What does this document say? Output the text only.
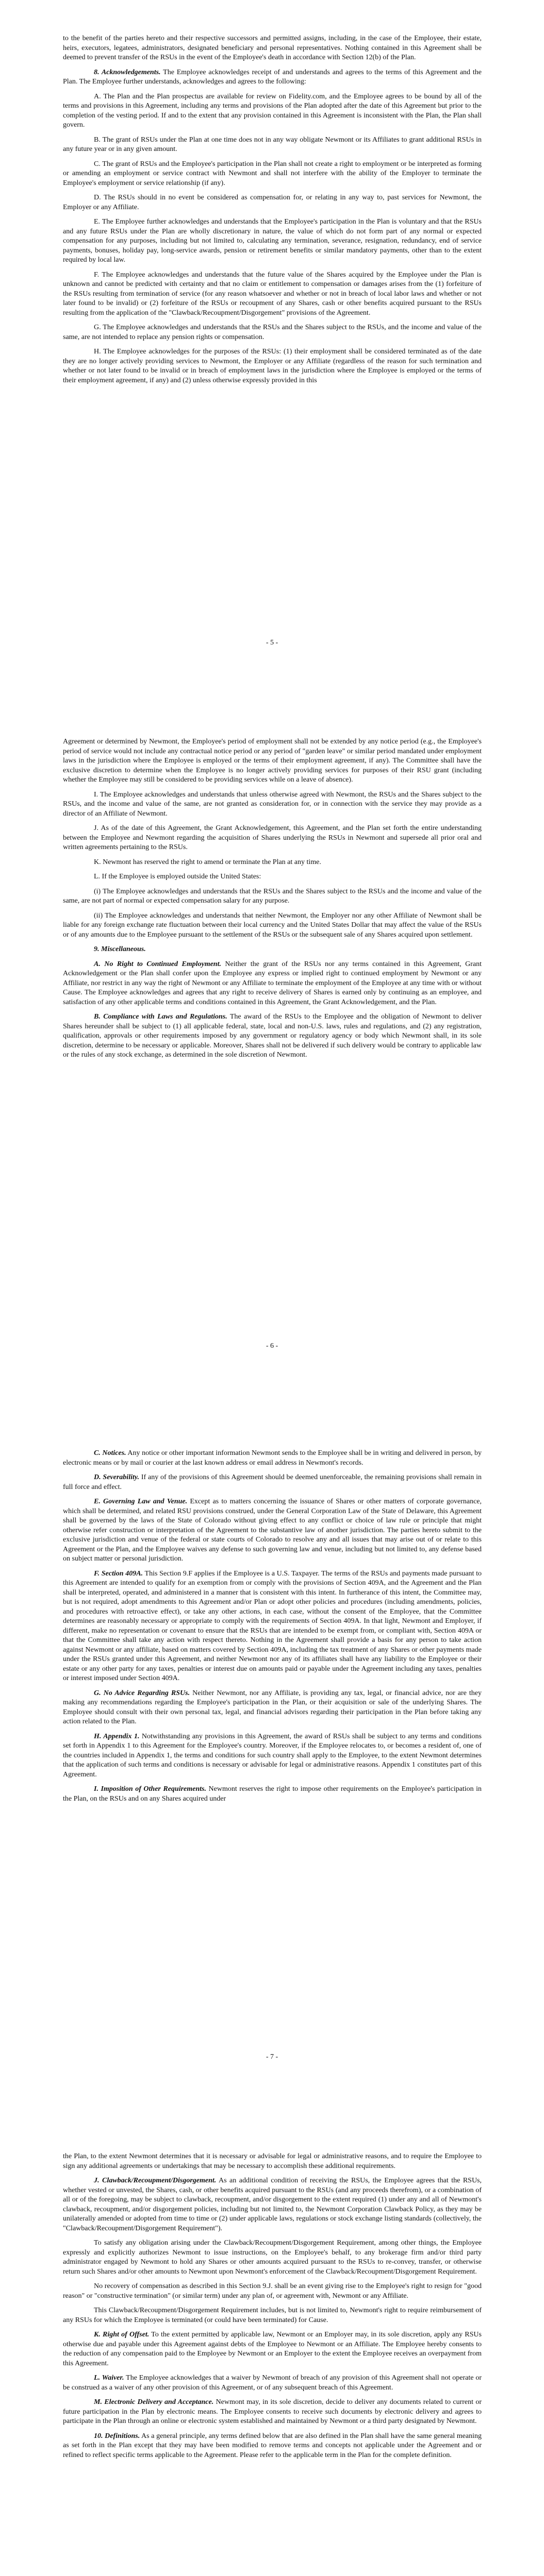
to the benefit of the parties hereto and their respective successors and permitted assigns, including, in the case of the Employee, their estate, heirs, executors, legatees, administrators, designated beneficiary and personal representatives. Nothing contained in this Agreement shall be deemed to prevent transfer of the RSUs in the event of the Employee's death in accordance with Section 12(b) of the Plan.

8. Acknowledgements. The Employee acknowledges receipt of and understands and agrees to the terms of this Agreement and the Plan. The Employee further understands, acknowledges and agrees to the following:

A. The Plan and the Plan prospectus are available for review on Fidelity.com, and the Employee agrees to be bound by all of the terms and provisions in this Agreement, including any terms and provisions of the Plan adopted after the date of this Agreement but prior to the completion of the vesting period. If and to the extent that any provision contained in this Agreement is inconsistent with the Plan, the Plan shall govern.

B. The grant of RSUs under the Plan at one time does not in any way obligate Newmont or its Affiliates to grant additional RSUs in any future year or in any given amount.

C. The grant of RSUs and the Employee's participation in the Plan shall not create a right to employment or be interpreted as forming or amending an employment or service contract with Newmont and shall not interfere with the ability of the Employer to terminate the Employee's employment or service relationship (if any).

D. The RSUs should in no event be considered as compensation for, or relating in any way to, past services for Newmont, the Employer or any Affiliate.

E. The Employee further acknowledges and understands that the Employee's participation in the Plan is voluntary and that the RSUs and any future RSUs under the Plan are wholly discretionary in nature, the value of which do not form part of any normal or expected compensation for any purposes, including but not limited to, calculating any termination, severance, resignation, redundancy, end of service payments, bonuses, holiday pay, long-service awards, pension or retirement benefits or similar mandatory payments, other than to the extent required by local law.

F. The Employee acknowledges and understands that the future value of the Shares acquired by the Employee under the Plan is unknown and cannot be predicted with certainty and that no claim or entitlement to compensation or damages arises from the (1) forfeiture of the RSUs resulting from termination of service (for any reason whatsoever and whether or not in breach of local labor laws and whether or not later found to be invalid) or (2) forfeiture of the RSUs or recoupment of any Shares, cash or other benefits acquired pursuant to the RSUs resulting from the application of the "Clawback/Recoupment/Disgorgement" provisions of the Agreement.

G. The Employee acknowledges and understands that the RSUs and the Shares subject to the RSUs, and the income and value of the same, are not intended to replace any pension rights or compensation.

H. The Employee acknowledges for the purposes of the RSUs: (1) their employment shall be considered terminated as of the date they are no longer actively providing services to Newmont, the Employer or any Affiliate (regardless of the reason for such termination and whether or not later found to be invalid or in breach of employment laws in the jurisdiction where the Employee is employed or the terms of their employment agreement, if any) and (2) unless otherwise expressly provided in this

- 5 -

Agreement or determined by Newmont, the Employee's period of employment shall not be extended by any notice period (e.g., the Employee's period of service would not include any contractual notice period or any period of "garden leave" or similar period mandated under employment laws in the jurisdiction where the Employee is employed or the terms of their employment agreement, if any). The Committee shall have the exclusive discretion to determine when the Employee is no longer actively providing services for purposes of their RSU grant (including whether the Employee may still be considered to be providing services while on a leave of absence).

I. The Employee acknowledges and understands that unless otherwise agreed with Newmont, the RSUs and the Shares subject to the RSUs, and the income and value of the same, are not granted as consideration for, or in connection with the service they may provide as a director of an Affiliate of Newmont.

J. As of the date of this Agreement, the Grant Acknowledgement, this Agreement, and the Plan set forth the entire understanding between the Employee and Newmont regarding the acquisition of Shares underlying the RSUs in Newmont and supersede all prior oral and written agreements pertaining to the RSUs.

K. Newmont has reserved the right to amend or terminate the Plan at any time.

L. If the Employee is employed outside the United States:

(i) The Employee acknowledges and understands that the RSUs and the Shares subject to the RSUs and the income and value of the same, are not part of normal or expected compensation salary for any purpose.

(ii) The Employee acknowledges and understands that neither Newmont, the Employer nor any other Affiliate of Newmont shall be liable for any foreign exchange rate fluctuation between their local currency and the United States Dollar that may affect the value of the RSUs or of any amounts due to the Employee pursuant to the settlement of the RSUs or the subsequent sale of any Shares acquired upon settlement.

9. Miscellaneous.

A. No Right to Continued Employment. Neither the grant of the RSUs nor any terms contained in this Agreement, Grant Acknowledgement or the Plan shall confer upon the Employee any express or implied right to continued employment by Newmont or any Affiliate, nor restrict in any way the right of Newmont or any Affiliate to terminate the employment of the Employee at any time with or without Cause. The Employee acknowledges and agrees that any right to receive delivery of Shares is earned only by continuing as an employee, and satisfaction of any other applicable terms and conditions contained in this Agreement, the Grant Acknowledgement, and the Plan.

B. Compliance with Laws and Regulations. The award of the RSUs to the Employee and the obligation of Newmont to deliver Shares hereunder shall be subject to (1) all applicable federal, state, local and non-U.S. laws, rules and regulations, and (2) any registration, qualification, approvals or other requirements imposed by any government or regulatory agency or body which Newmont shall, in its sole discretion, determine to be necessary or applicable. Moreover, Shares shall not be delivered if such delivery would be contrary to applicable law or the rules of any stock exchange, as determined in the sole discretion of Newmont.

- 6 -

C. Notices. Any notice or other important information Newmont sends to the Employee shall be in writing and delivered in person, by electronic means or by mail or courier at the last known address or email address in Newmont's records.

D. Severability. If any of the provisions of this Agreement should be deemed unenforceable, the remaining provisions shall remain in full force and effect.

E. Governing Law and Venue. Except as to matters concerning the issuance of Shares or other matters of corporate governance, which shall be determined, and related RSU provisions construed, under the General Corporation Law of the State of Delaware, this Agreement shall be governed by the laws of the State of Colorado without giving effect to any conflict or choice of law rule or principle that might otherwise refer construction or interpretation of the Agreement to the substantive law of another jurisdiction. The parties hereto submit to the exclusive jurisdiction and venue of the federal or state courts of Colorado to resolve any and all issues that may arise out of or relate to this Agreement or the Plan, and the Employee waives any defense to such governing law and venue, including but not limited to, any defense based on subject matter or personal jurisdiction.

F. Section 409A. This Section 9.F applies if the Employee is a U.S. Taxpayer. The terms of the RSUs and payments made pursuant to this Agreement are intended to qualify for an exemption from or comply with the provisions of Section 409A, and the Agreement and the Plan shall be interpreted, operated, and administered in a manner that is consistent with this intent. In furtherance of this intent, the Committee may, but is not required, adopt amendments to this Agreement and/or Plan or adopt other policies and procedures (including amendments, policies, and procedures with retroactive effect), or take any other actions, in each case, without the consent of the Employee, that the Committee determines are reasonably necessary or appropriate to comply with the requirements of Section 409A. In that light, Newmont and Employer, if different, make no representation or covenant to ensure that the RSUs that are intended to be exempt from, or compliant with, Section 409A or that the Committee shall take any action with respect thereto. Nothing in the Agreement shall provide a basis for any person to take action against Newmont or any affiliate, based on matters covered by Section 409A, including the tax treatment of any Shares or other payments made under the RSUs granted under this Agreement, and neither Newmont nor any of its affiliates shall have any liability to the Employee or their estate or any other party for any taxes, penalties or interest due on amounts paid or payable under the Agreement including any taxes, penalties or interest imposed under Section 409A.

G. No Advice Regarding RSUs. Neither Newmont, nor any Affiliate, is providing any tax, legal, or financial advice, nor are they making any recommendations regarding the Employee's participation in the Plan, or their acquisition or sale of the underlying Shares. The Employee should consult with their own personal tax, legal, and financial advisors regarding their participation in the Plan before taking any action related to the Plan.

H. Appendix 1. Notwithstanding any provisions in this Agreement, the award of RSUs shall be subject to any terms and conditions set forth in Appendix 1 to this Agreement for the Employee's country. Moreover, if the Employee relocates to, or becomes a resident of, one of the countries included in Appendix 1, the terms and conditions for such country shall apply to the Employee, to the extent Newmont determines that the application of such terms and conditions is necessary or advisable for legal or administrative reasons. Appendix 1 constitutes part of this Agreement.

I. Imposition of Other Requirements. Newmont reserves the right to impose other requirements on the Employee's participation in the Plan, on the RSUs and on any Shares acquired under

- 7 -

the Plan, to the extent Newmont determines that it is necessary or advisable for legal or administrative reasons, and to require the Employee to sign any additional agreements or undertakings that may be necessary to accomplish these additional requirements.

J. Clawback/Recoupment/Disgorgement. As an additional condition of receiving the RSUs, the Employee agrees that the RSUs, whether vested or unvested, the Shares, cash, or other benefits acquired pursuant to the RSUs (and any proceeds therefrom), or a combination of all or of the foregoing, may be subject to clawback, recoupment, and/or disgorgement to the extent required (1) under any and all of Newmont's clawback, recoupment, and/or disgorgement policies, including but not limited to, the Newmont Corporation Clawback Policy, as they may be unilaterally amended or adopted from time to time or (2) under applicable laws, regulations or stock exchange listing standards (collectively, the "Clawback/Recoupment/Disgorgement Requirement").

To satisfy any obligation arising under the Clawback/Recoupment/Disgorgement Requirement, among other things, the Employee expressly and explicitly authorizes Newmont to issue instructions, on the Employee's behalf, to any brokerage firm and/or third party administrator engaged by Newmont to hold any Shares or other amounts acquired pursuant to the RSUs to re-convey, transfer, or otherwise return such Shares and/or other amounts to Newmont upon Newmont's enforcement of the Clawback/Recoupment/Disgorgement Requirement.

No recovery of compensation as described in this Section 9.J. shall be an event giving rise to the Employee's right to resign for "good reason" or "constructive termination" (or similar term) under any plan of, or agreement with, Newmont or any Affiliate.

This Clawback/Recoupment/Disgorgement Requirement includes, but is not limited to, Newmont's right to require reimbursement of any RSUs for which the Employee is terminated (or could have been terminated) for Cause.

K. Right of Offset. To the extent permitted by applicable law, Newmont or an Employer may, in its sole discretion, apply any RSUs otherwise due and payable under this Agreement against debts of the Employee to Newmont or an Affiliate. The Employee hereby consents to the reduction of any compensation paid to the Employee by Newmont or an Employer to the extent the Employee receives an overpayment from this Agreement.

L. Waiver. The Employee acknowledges that a waiver by Newmont of breach of any provision of this Agreement shall not operate or be construed as a waiver of any other provision of this Agreement, or of any subsequent breach of this Agreement.

M. Electronic Delivery and Acceptance. Newmont may, in its sole discretion, decide to deliver any documents related to current or future participation in the Plan by electronic means. The Employee consents to receive such documents by electronic delivery and agrees to participate in the Plan through an online or electronic system established and maintained by Newmont or a third party designated by Newmont.

10. Definitions. As a general principle, any terms defined below that are also defined in the Plan shall have the same general meaning as set forth in the Plan except that they may have been modified to remove terms and concepts not applicable under the Agreement and or refined to reflect specific terms applicable to the Agreement. Please refer to the applicable term in the Plan for the complete definition.
